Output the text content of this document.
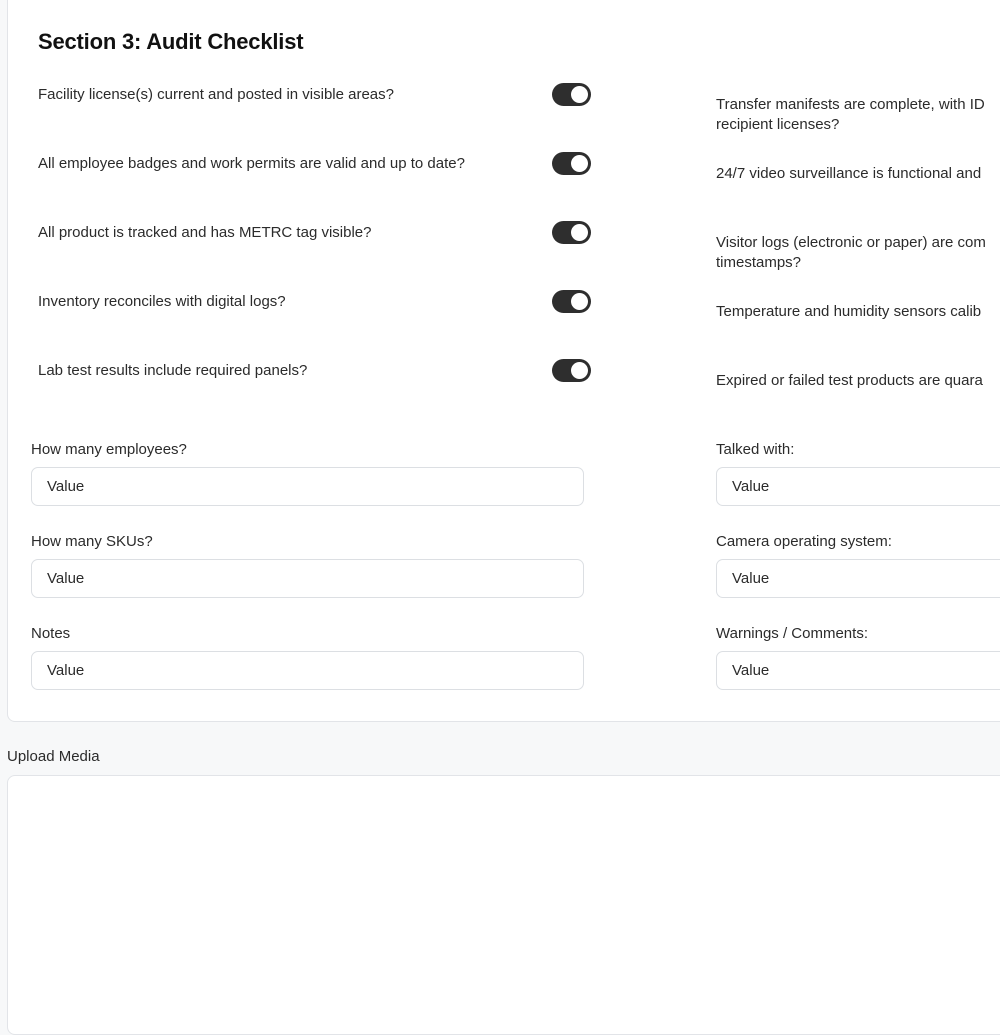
Section 3: Audit Checklist
Facility license(s) current and posted in visible areas?
All employee badges and work permits are valid and up to date?
All product is tracked and has METRC tag visible?
Inventory reconciles with digital logs?
Lab test results include required panels?
Transfer manifests are complete, with ID recipient licenses?
24/7 video surveillance is functional and
Visitor logs (electronic or paper) are com timestamps?
Temperature and humidity sensors calib
Expired or failed test products are quara
How many employees?
Value
How many SKUs?
Value
Notes
Value
Talked with:
Value
Camera operating system:
Value
Warnings / Comments:
Value
Upload Media
